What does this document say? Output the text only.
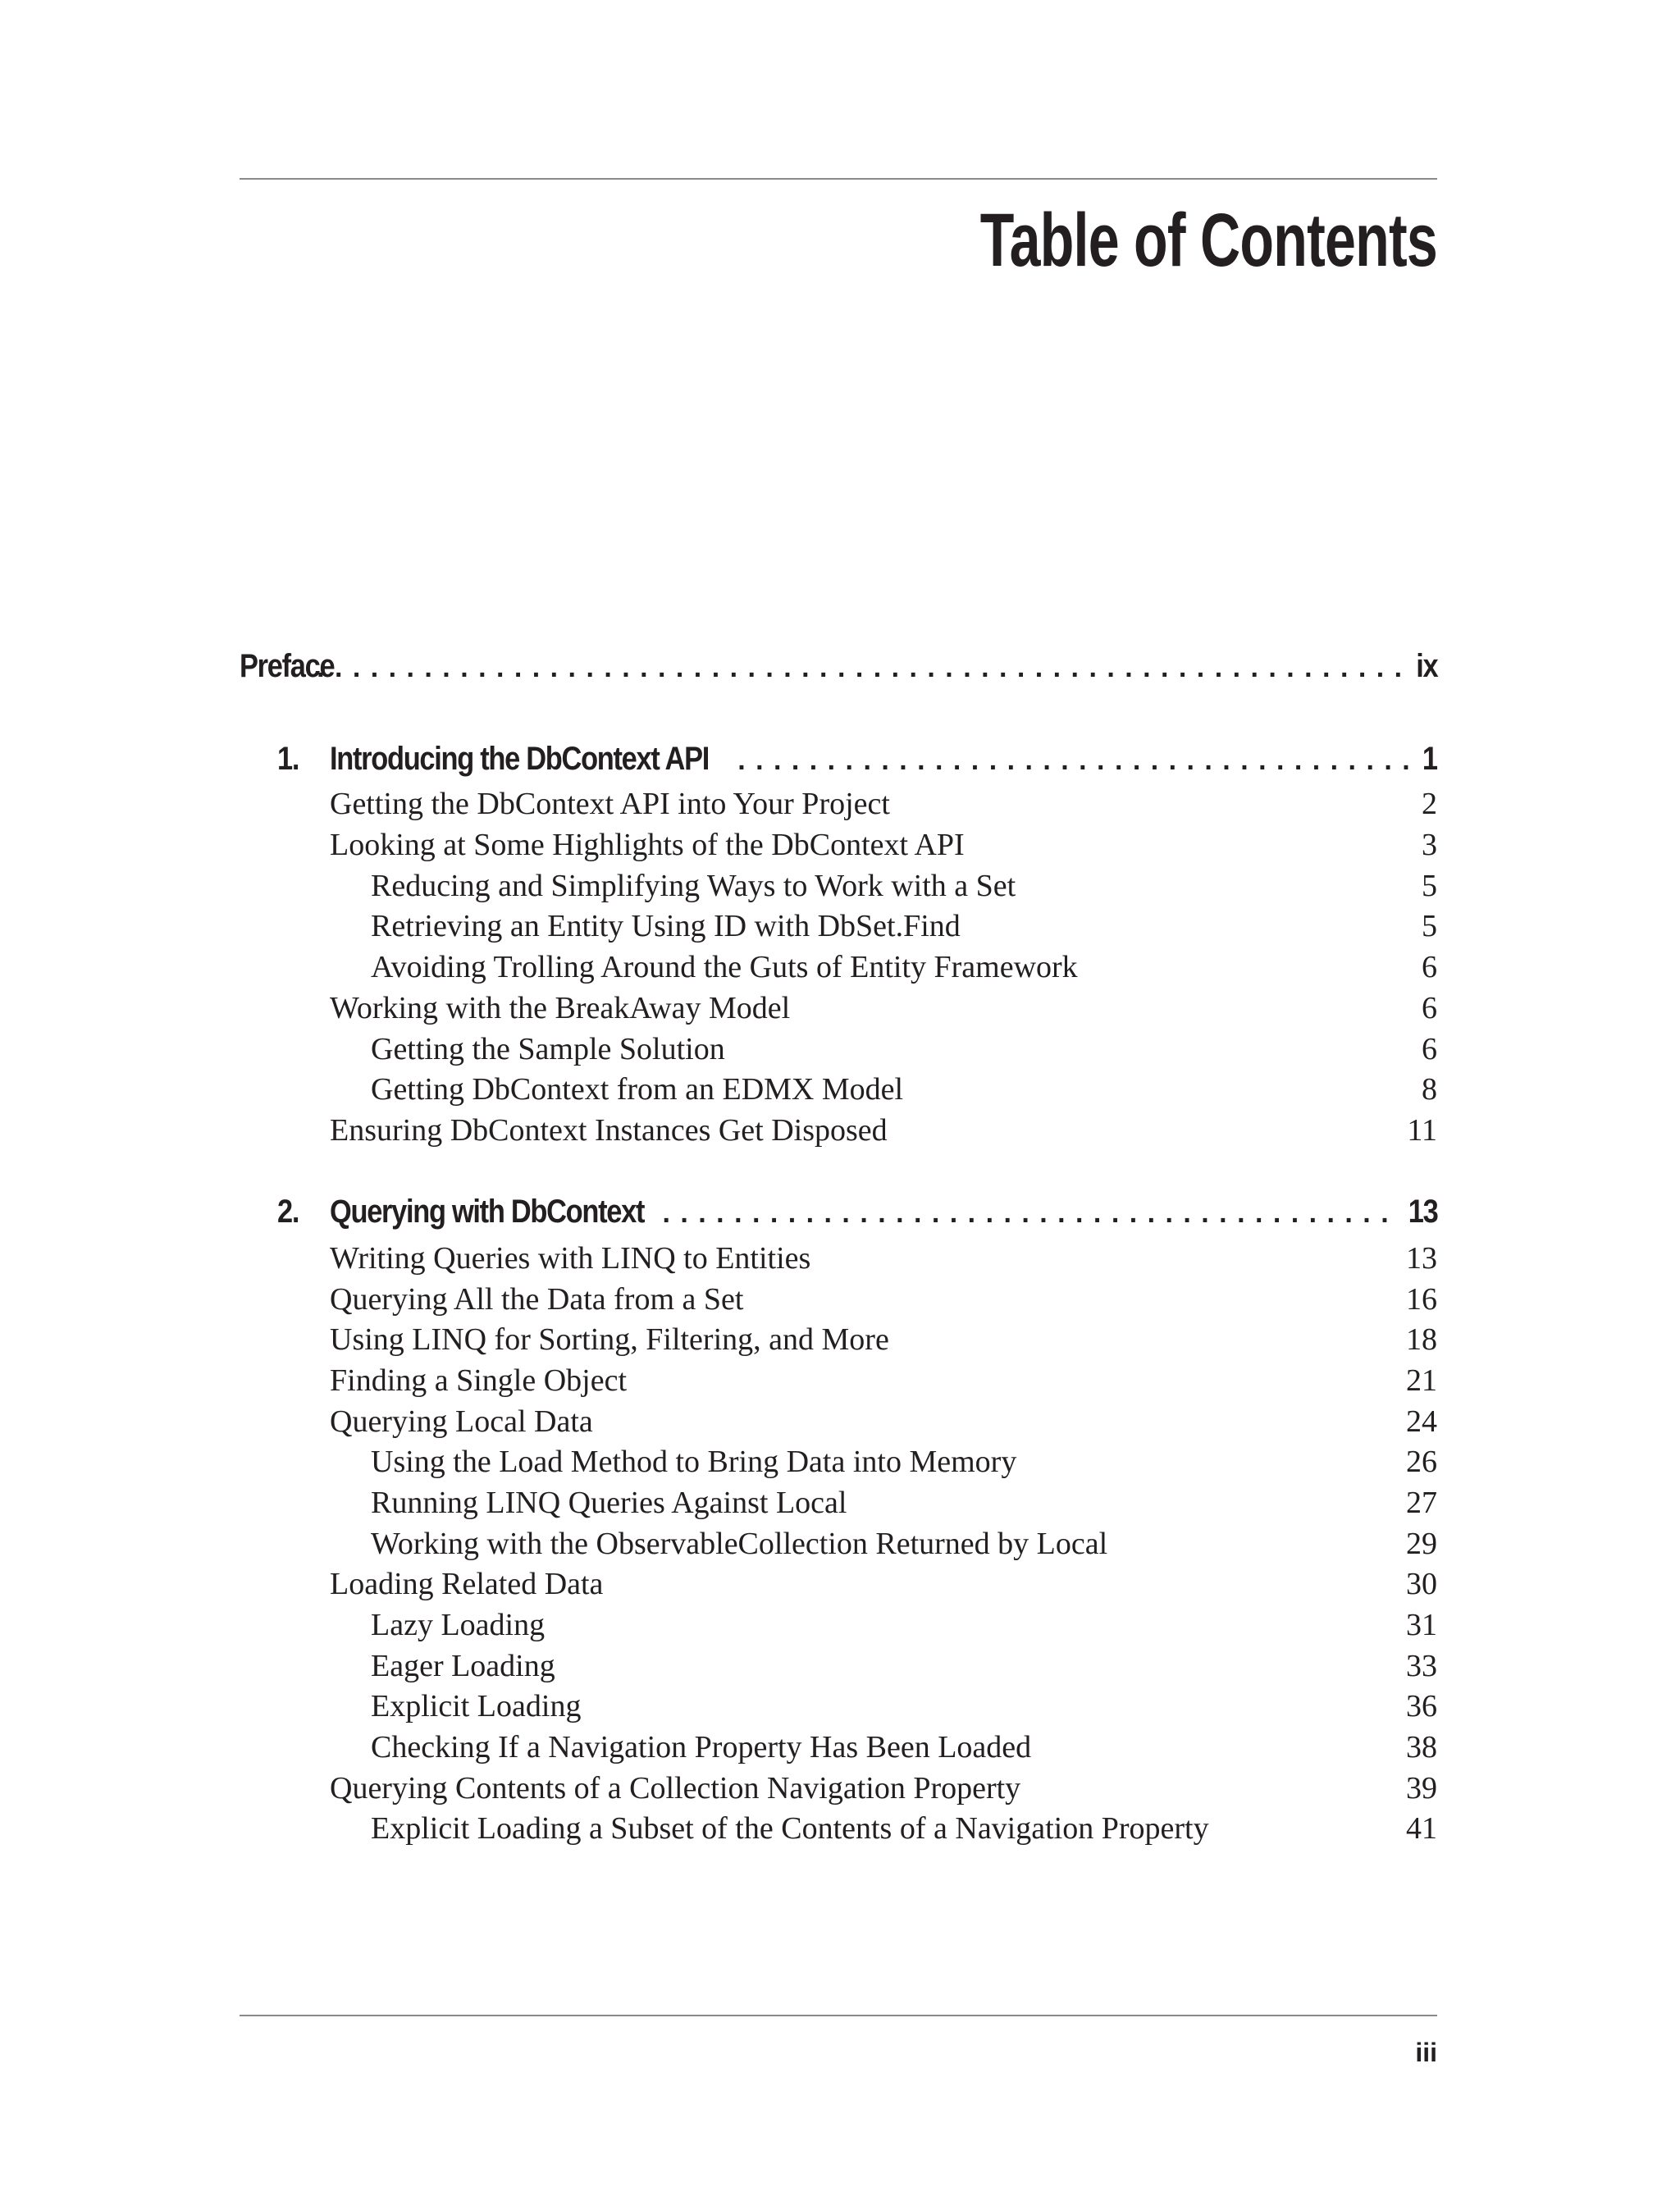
Table of Contents
Preface . . .	ix
1. Introducing the DbContext API . . .	1
Getting the DbContext API into Your Project	2
Looking at Some Highlights of the DbContext API	3
Reducing and Simplifying Ways to Work with a Set	5
Retrieving an Entity Using ID with DbSet.Find	5
Avoiding Trolling Around the Guts of Entity Framework	6
Working with the BreakAway Model	6
Getting the Sample Solution	6
Getting DbContext from an EDMX Model	8
Ensuring DbContext Instances Get Disposed	11
2. Querying with DbContext . . .	13
Writing Queries with LINQ to Entities	13
Querying All the Data from a Set	16
Using LINQ for Sorting, Filtering, and More	18
Finding a Single Object	21
Querying Local Data	24
Using the Load Method to Bring Data into Memory	26
Running LINQ Queries Against Local	27
Working with the ObservableCollection Returned by Local	29
Loading Related Data	30
Lazy Loading	31
Eager Loading	33
Explicit Loading	36
Checking If a Navigation Property Has Been Loaded	38
Querying Contents of a Collection Navigation Property	39
Explicit Loading a Subset of the Contents of a Navigation Property	41

iii
